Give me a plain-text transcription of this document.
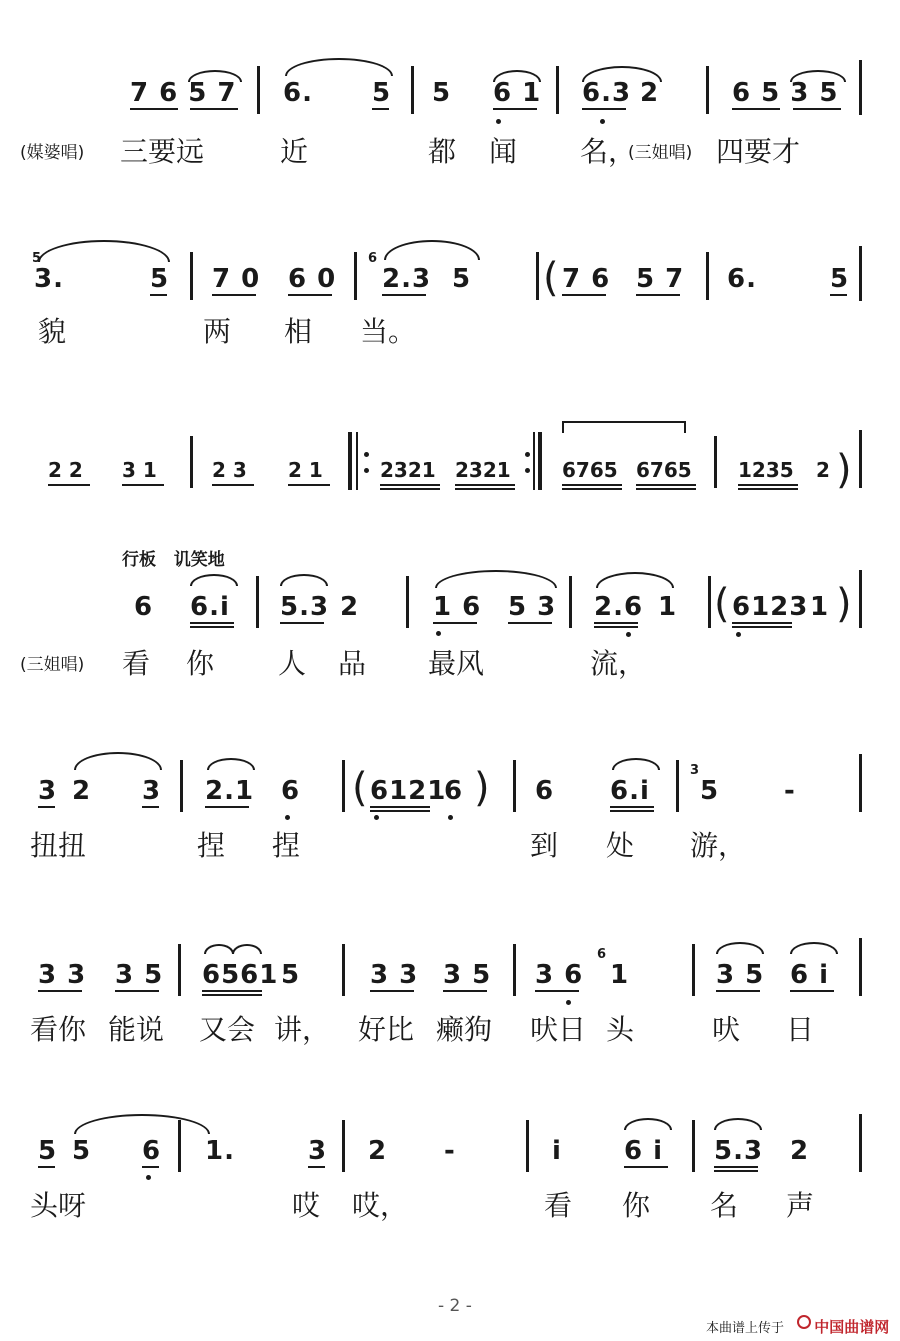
7 6 5 7 6. 5 5 6 1 6.3 2	6 5 3 5
(媒婆唱) 三要远	近	都 闻 名，
(三姐唱) 四要才
3.	5 7 0 6 0 2.3 5	7 6 5 7 6.	5
5	6
貌	两 相 当。
2 2 3 1	2 3 2 1	2321 2321	6765 6765 1235 2
6 6.i 5.3 2	1 6 5 3 2.6 1 6123 1
(三姐唱) 看 你 人 品 最风	流，
行板   讥笑地
3 2 3 2.1 6	6121
6	6 6.i 5 -
3
扭扭	捏 捏	到 处 游，
3 3 3 5 6561 5	3 3 3 5 3 6 1	3 5 6 i
6
看你 能说 又会 讲， 好比 癞狗 吠日 头	吠 日
5 5 6 1.	3 2 -	i 6 i 5.3 2
头呀	哎 哎，	看 你 名 声
(
)
(	)
(	)
- 2 -
本曲谱上传于 中国曲谱网
